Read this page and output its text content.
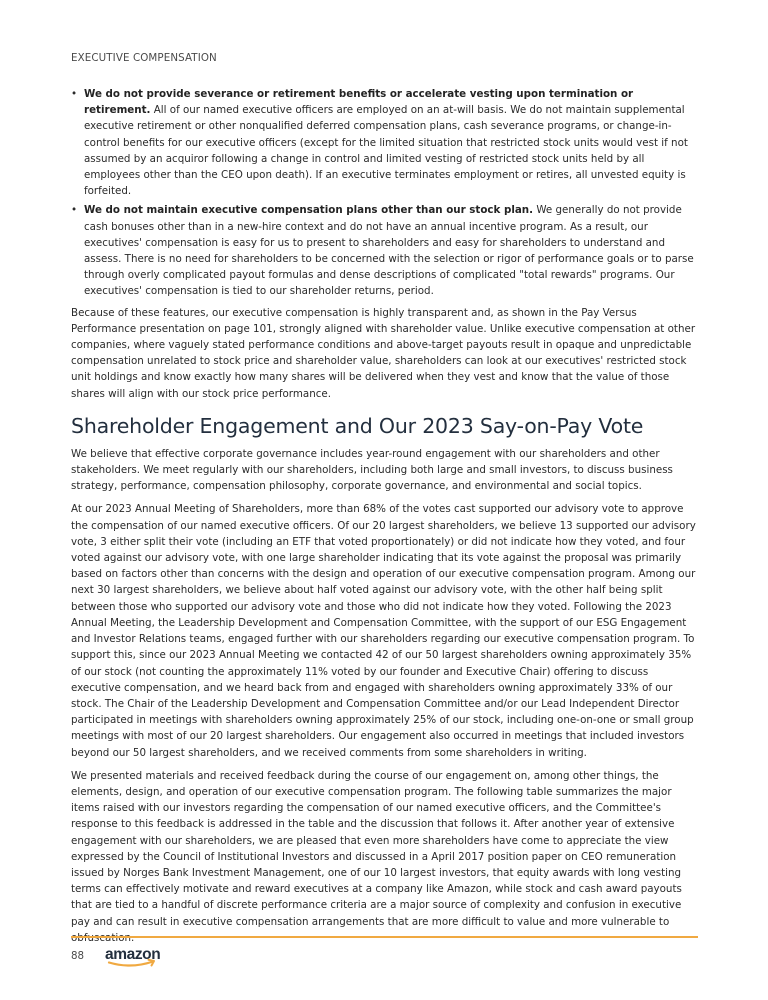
EXECUTIVE COMPENSATION
• We do not provide severance or retirement benefits or accelerate vesting upon termination or retirement. All of our named executive officers are employed on an at-will basis. We do not maintain supplemental executive retirement or other nonqualified deferred compensation plans, cash severance programs, or change-in-control benefits for our executive officers (except for the limited situation that restricted stock units would vest if not assumed by an acquiror following a change in control and limited vesting of restricted stock units held by all employees other than the CEO upon death). If an executive terminates employment or retires, all unvested equity is forfeited.
• We do not maintain executive compensation plans other than our stock plan. We generally do not provide cash bonuses other than in a new-hire context and do not have an annual incentive program. As a result, our executives' compensation is easy for us to present to shareholders and easy for shareholders to understand and assess. There is no need for shareholders to be concerned with the selection or rigor of performance goals or to parse through overly complicated payout formulas and dense descriptions of complicated "total rewards" programs. Our executives' compensation is tied to our shareholder returns, period.

Because of these features, our executive compensation is highly transparent and, as shown in the Pay Versus Performance presentation on page 101, strongly aligned with shareholder value. Unlike executive compensation at other companies, where vaguely stated performance conditions and above-target payouts result in opaque and unpredictable compensation unrelated to stock price and shareholder value, shareholders can look at our executives' restricted stock unit holdings and know exactly how many shares will be delivered when they vest and know that the value of those shares will align with our stock price performance.

Shareholder Engagement and Our 2023 Say-on-Pay Vote

We believe that effective corporate governance includes year-round engagement with our shareholders and other stakeholders. We meet regularly with our shareholders, including both large and small investors, to discuss business strategy, performance, compensation philosophy, corporate governance, and environmental and social topics.

At our 2023 Annual Meeting of Shareholders, more than 68% of the votes cast supported our advisory vote to approve the compensation of our named executive officers. Of our 20 largest shareholders, we believe 13 supported our advisory vote, 3 either split their vote (including an ETF that voted proportionately) or did not indicate how they voted, and four voted against our advisory vote, with one large shareholder indicating that its vote against the proposal was primarily based on factors other than concerns with the design and operation of our executive compensation program. Among our next 30 largest shareholders, we believe about half voted against our advisory vote, with the other half being split between those who supported our advisory vote and those who did not indicate how they voted. Following the 2023 Annual Meeting, the Leadership Development and Compensation Committee, with the support of our ESG Engagement and Investor Relations teams, engaged further with our shareholders regarding our executive compensation program. To support this, since our 2023 Annual Meeting we contacted 42 of our 50 largest shareholders owning approximately 35% of our stock (not counting the approximately 11% voted by our founder and Executive Chair) offering to discuss executive compensation, and we heard back from and engaged with shareholders owning approximately 33% of our stock. The Chair of the Leadership Development and Compensation Committee and/or our Lead Independent Director participated in meetings with shareholders owning approximately 25% of our stock, including one-on-one or small group meetings with most of our 20 largest shareholders. Our engagement also occurred in meetings that included investors beyond our 50 largest shareholders, and we received comments from some shareholders in writing.

We presented materials and received feedback during the course of our engagement on, among other things, the elements, design, and operation of our executive compensation program. The following table summarizes the major items raised with our investors regarding the compensation of our named executive officers, and the Committee's response to this feedback is addressed in the table and the discussion that follows it. After another year of extensive engagement with our shareholders, we are pleased that even more shareholders have come to appreciate the view expressed by the Council of Institutional Investors and discussed in a April 2017 position paper on CEO remuneration issued by Norges Bank Investment Management, one of our 10 largest investors, that equity awards with long vesting terms can effectively motivate and reward executives at a company like Amazon, while stock and cash award payouts that are tied to a handful of discrete performance criteria are a major source of complexity and confusion in executive pay and can result in executive compensation arrangements that are more difficult to value and more vulnerable to

88 amazon
